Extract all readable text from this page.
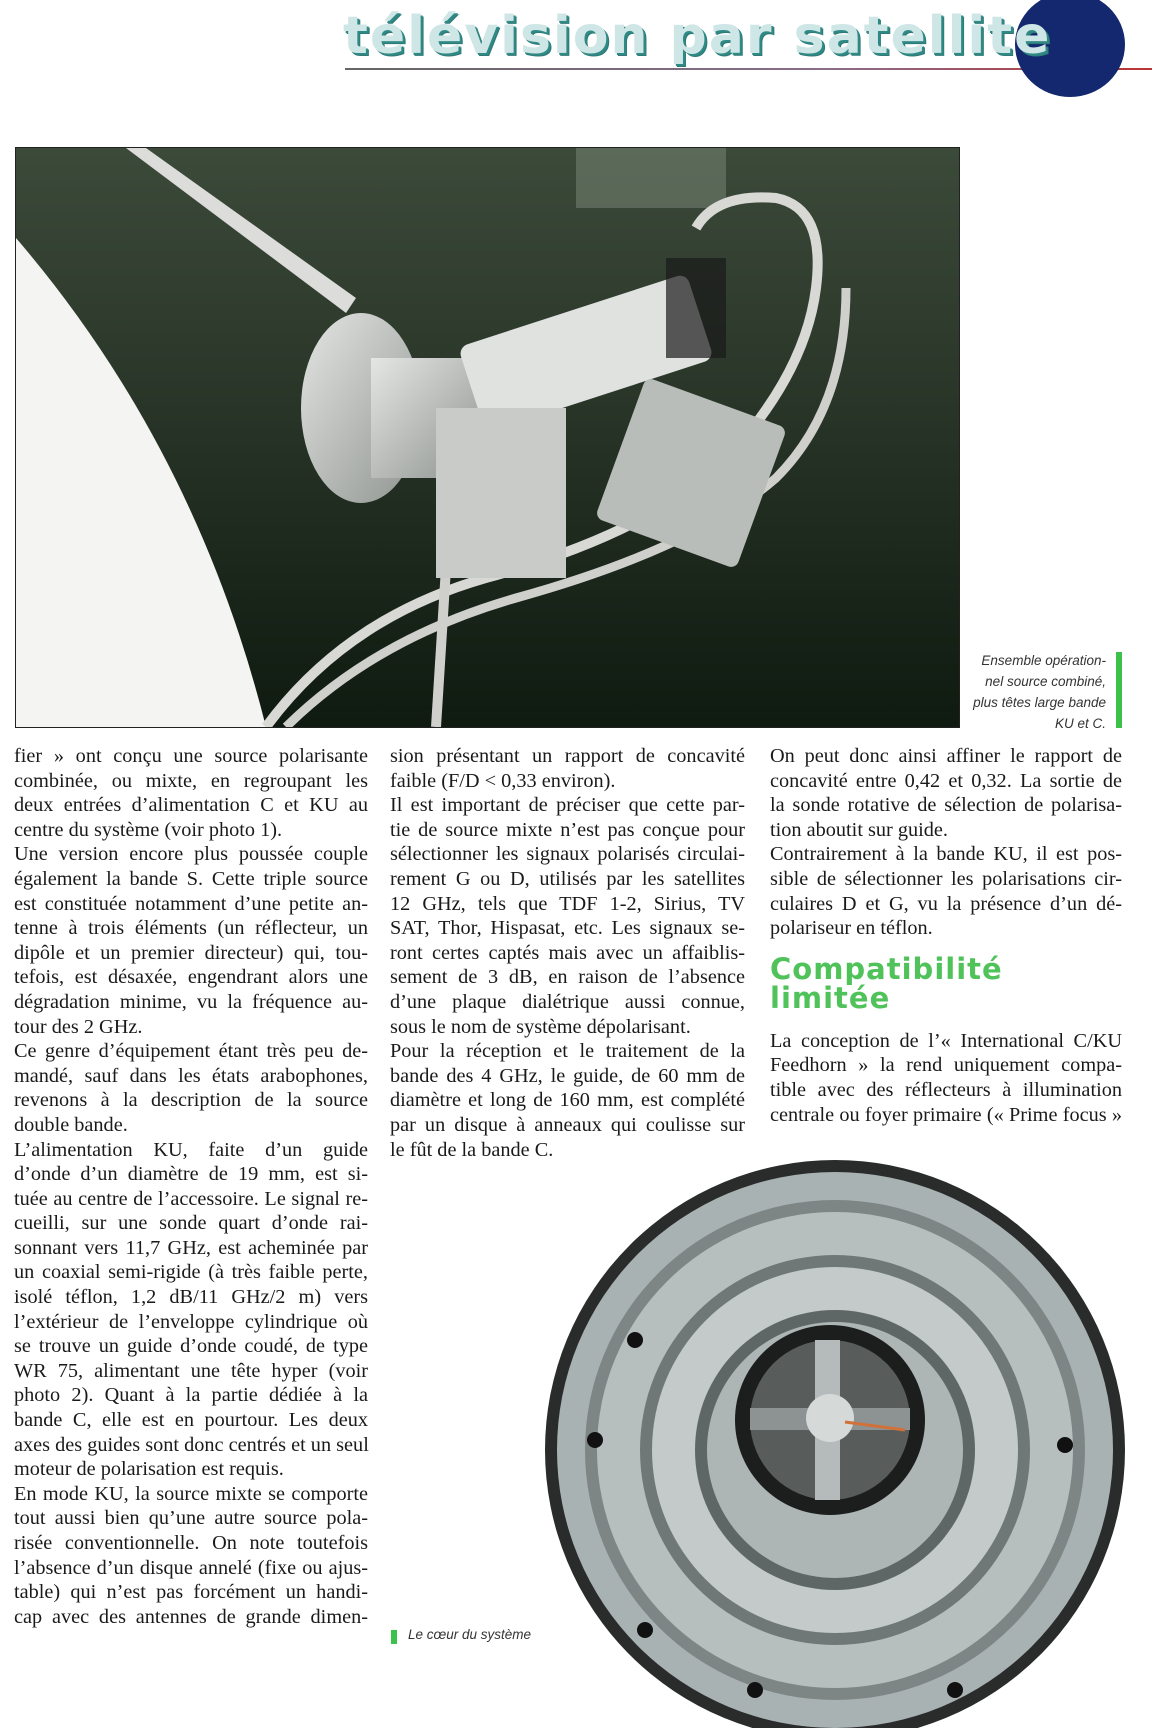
télévision par satellite
Ensemble opération-
nel source combiné,
plus têtes large bande
KU et C.
fier » ont conçu une source polarisante
combinée, ou mixte, en regroupant les
deux entrées d’alimentation C et KU au
centre du système (voir photo 1).
Une version encore plus poussée couple
également la bande S. Cette triple source
est constituée notamment d’une petite an-
tenne à trois éléments (un réflecteur, un
dipôle et un premier directeur) qui, tou-
tefois, est désaxée, engendrant alors une
dégradation minime, vu la fréquence au-
tour des 2 GHz.
Ce genre d’équipement étant très peu de-
mandé, sauf dans les états arabophones,
revenons à la description de la source
double bande.
L’alimentation KU, faite d’un guide
d’onde d’un diamètre de 19 mm, est si-
tuée au centre de l’accessoire. Le signal re-
cueilli, sur une sonde quart d’onde rai-
sonnant vers 11,7 GHz, est acheminée par
un coaxial semi-rigide (à très faible perte,
isolé téflon, 1,2 dB/11 GHz/2 m) vers
l’extérieur de l’enveloppe cylindrique où
se trouve un guide d’onde coudé, de type
WR 75, alimentant une tête hyper (voir
photo 2). Quant à la partie dédiée à la
bande C, elle est en pourtour. Les deux
axes des guides sont donc centrés et un seul
moteur de polarisation est requis.
En mode KU, la source mixte se comporte
tout aussi bien qu’une autre source pola-
risée conventionnelle. On note toutefois
l’absence d’un disque annelé (fixe ou ajus-
table) qui n’est pas forcément un handi-
cap avec des antennes de grande dimen-
sion présentant un rapport de concavité
faible (F/D < 0,33 environ).
Il est important de préciser que cette par-
tie de source mixte n’est pas conçue pour
sélectionner les signaux polarisés circulai-
rement G ou D, utilisés par les satellites
12 GHz, tels que TDF 1-2, Sirius, TV
SAT, Thor, Hispasat, etc. Les signaux se-
ront certes captés mais avec un affaiblis-
sement de 3 dB, en raison de l’absence
d’une plaque dialétrique aussi connue,
sous le nom de système dépolarisant.
Pour la réception et le traitement de la
bande des 4 GHz, le guide, de 60 mm de
diamètre et long de 160 mm, est complété
par un disque à anneaux qui coulisse sur
le fût de la bande C.
On peut donc ainsi affiner le rapport de
concavité entre 0,42 et 0,32. La sortie de
la sonde rotative de sélection de polarisa-
tion aboutit sur guide.
Contrairement à la bande KU, il est pos-
sible de sélectionner les polarisations cir-
culaires D et G, vu la présence d’un dé-
polariseur en téflon.
Compatibilité
limitée
La conception de l’« International C/KU
Feedhorn » la rend uniquement compa-
tible avec des réflecteurs à illumination
centrale ou foyer primaire (« Prime focus »
Le cœur du système
